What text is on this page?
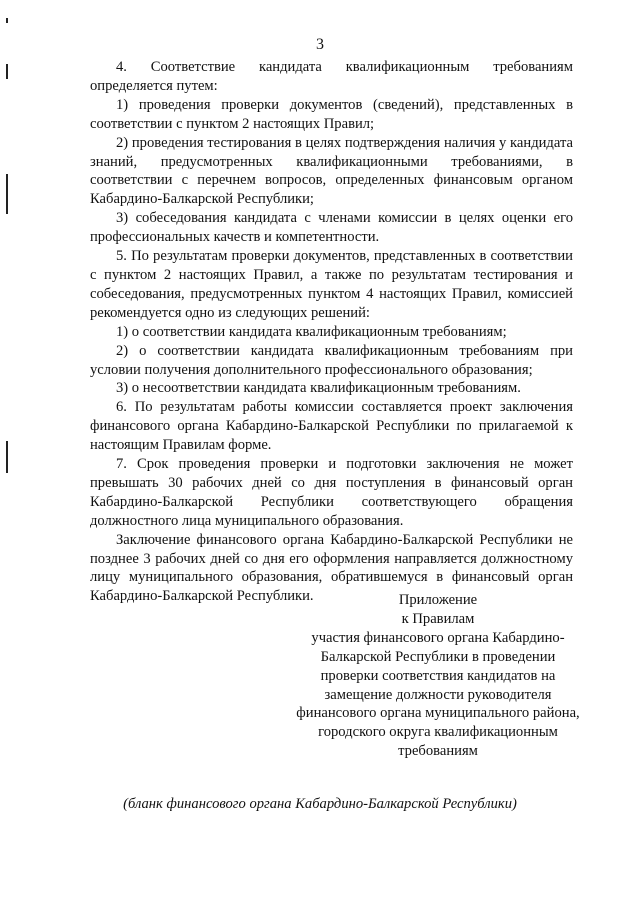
3

4. Соответствие кандидата квалификационным требованиям определяется путем:

1) проведения проверки документов (сведений), представленных в соответствии с пунктом 2 настоящих Правил;

2) проведения тестирования в целях подтверждения наличия у кандидата знаний, предусмотренных квалификационными требованиями, в соответствии с перечнем вопросов, определенных финансовым органом Кабардино-Балкарской Республики;

3) собеседования кандидата с членами комиссии в целях оценки его профессиональных качеств и компетентности.

5. По результатам проверки документов, представленных в соответствии с пунктом 2 настоящих Правил, а также по результатам тестирования и собеседования, предусмотренных пунктом 4 настоящих Правил, комиссией рекомендуется одно из следующих решений:

1) о соответствии кандидата квалификационным требованиям;

2) о соответствии кандидата квалификационным требованиям при условии получения дополнительного профессионального образования;

3) о несоответствии кандидата квалификационным требованиям.

6. По результатам работы комиссии составляется проект заключения финансового органа Кабардино-Балкарской Республики по прилагаемой к настоящим Правилам форме.

7. Срок проведения проверки и подготовки заключения не может превышать 30 рабочих дней со дня поступления в финансовый орган Кабардино-Балкарской Республики соответствующего обращения должностного лица муниципального образования.

Заключение финансового органа Кабардино-Балкарской Республики не позднее 3 рабочих дней со дня его оформления направляется должностному лицу муниципального образования, обратившемуся в финансовый орган Кабардино-Балкарской Республики.	Приложение
к Правилам
участия финансового органа Кабардино-Балкарской Республики в проведении проверки соответствия кандидатов на замещение должности руководителя финансового органа муниципального района, городского округа квалификационным требованиям
(бланк финансового органа Кабардино-Балкарской Республики)
